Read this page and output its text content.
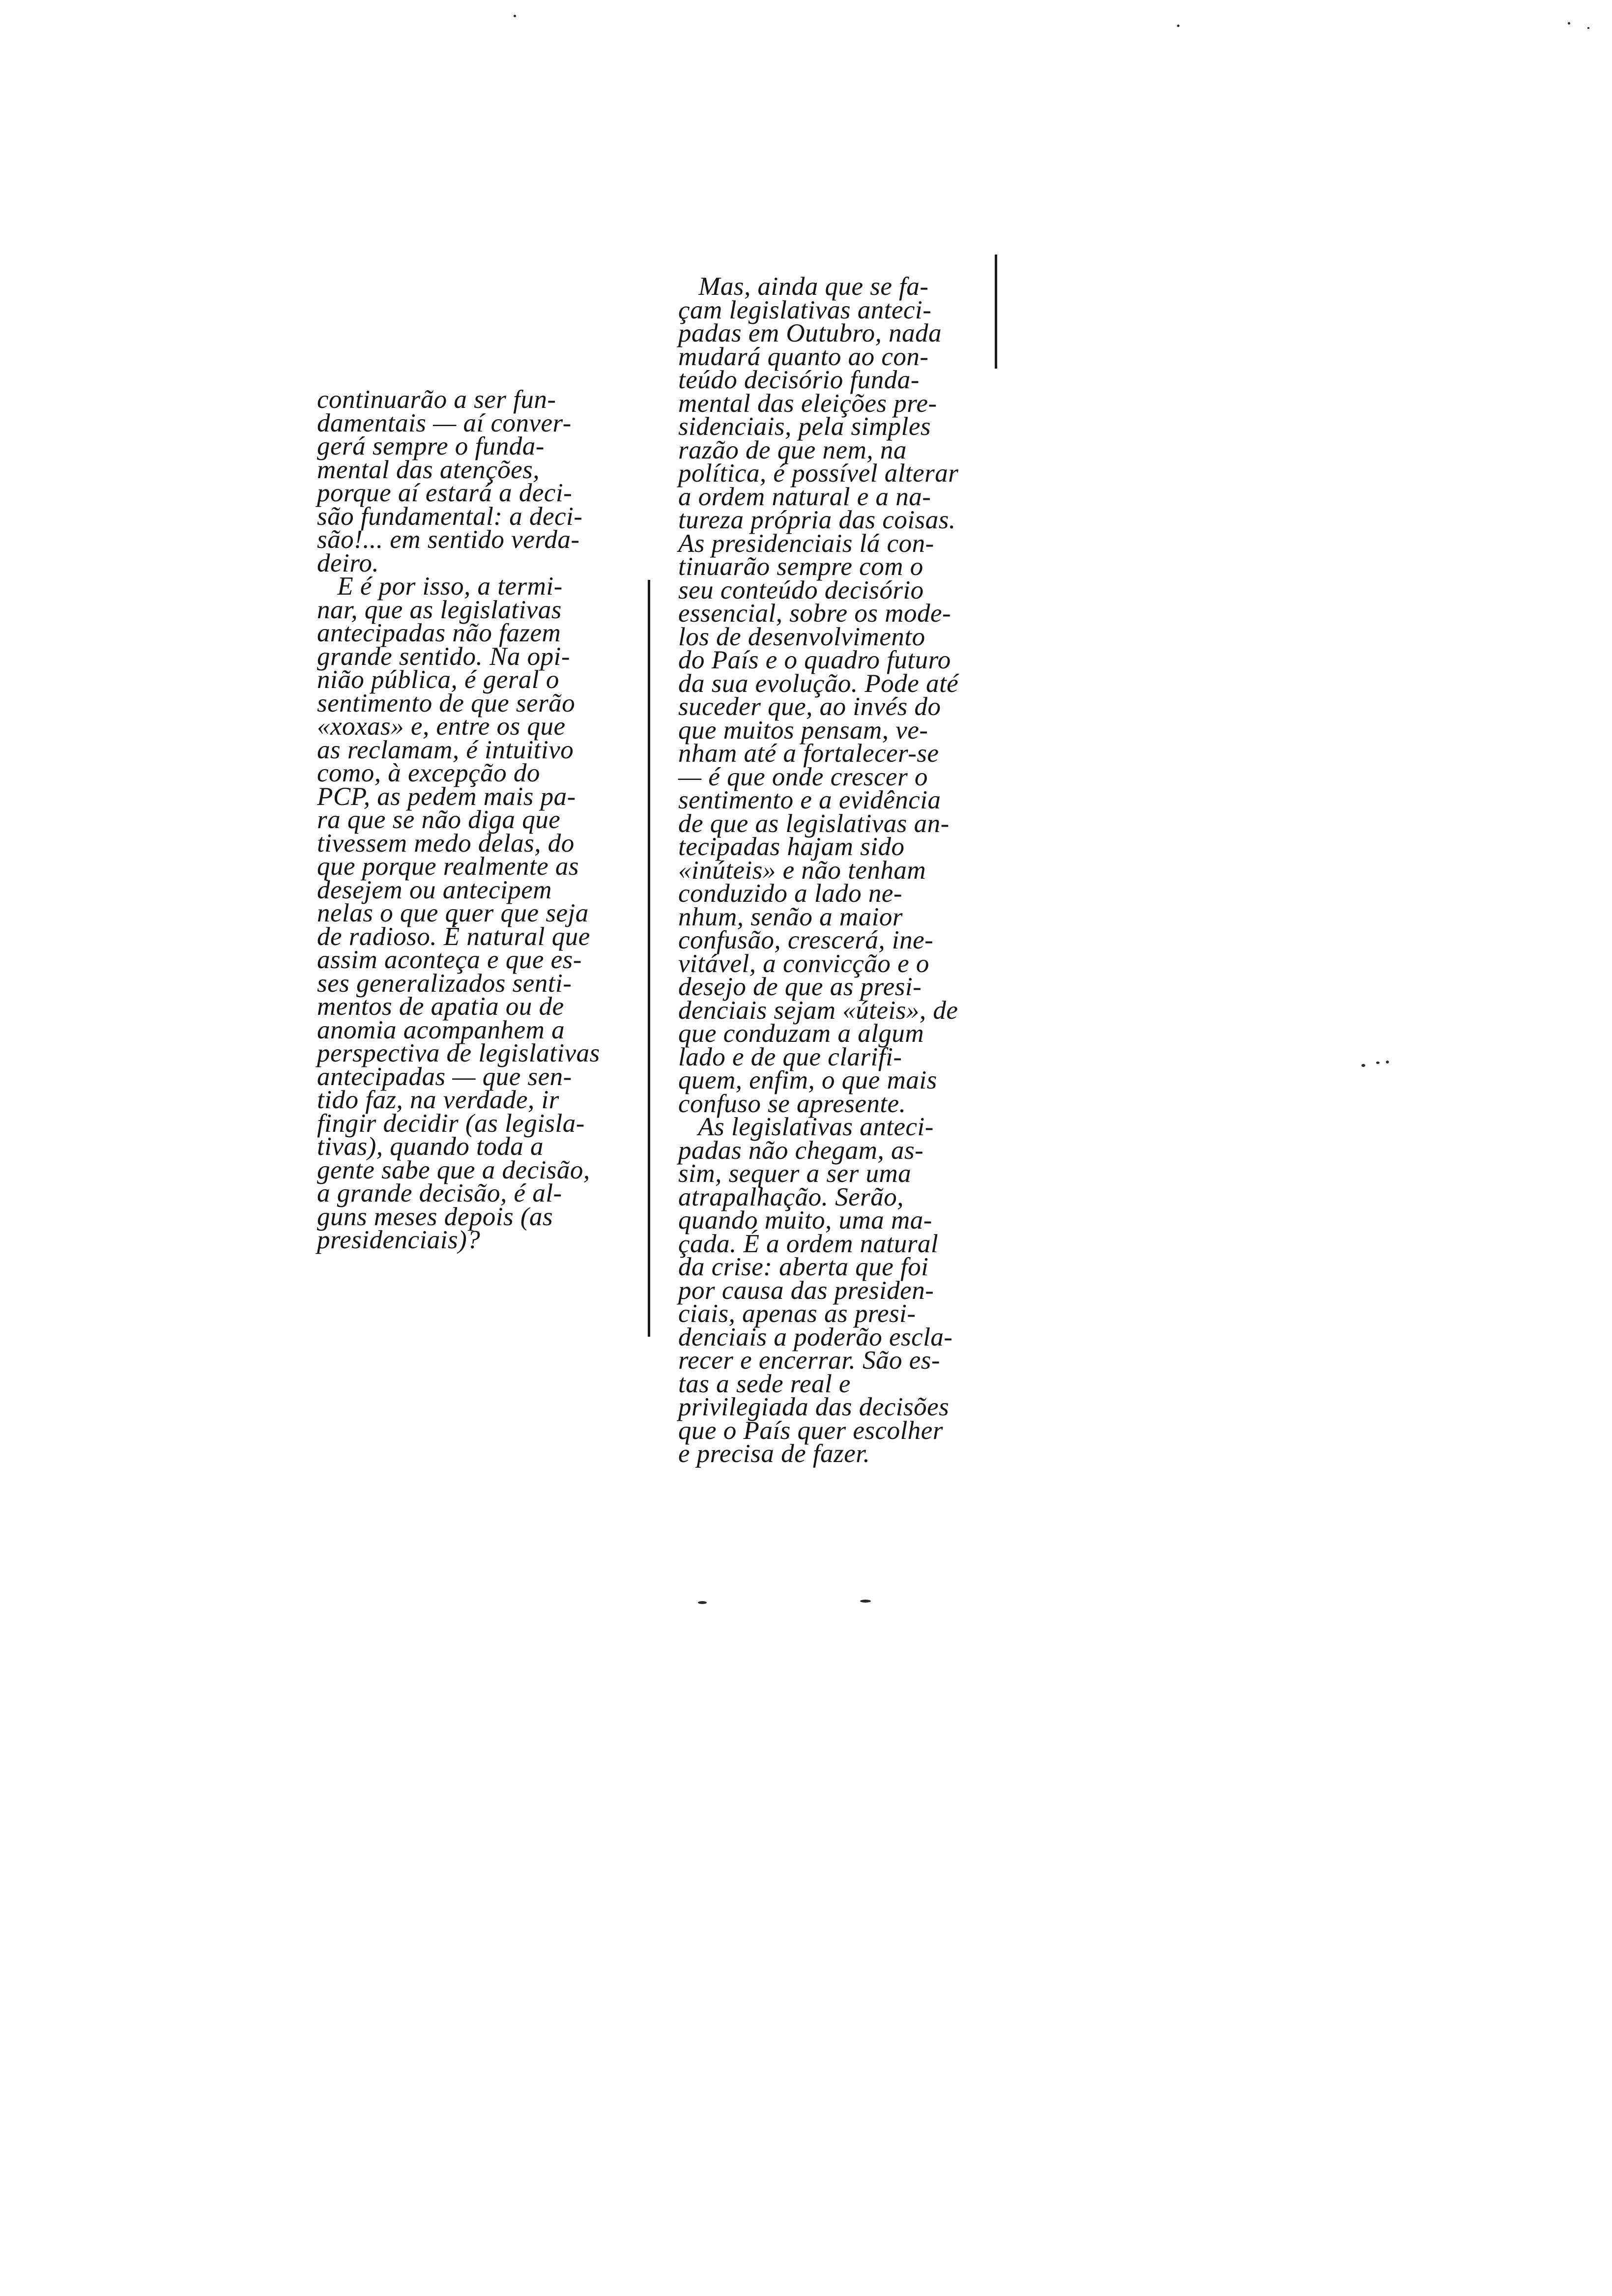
continuarão a ser fun-
damentais — aí conver-
gerá sempre o funda-
mental das atenções,
porque aí estará a deci-
são fundamental: a deci-
são!... em sentido verda-
deiro.
E é por isso, a termi-
nar, que as legislativas
antecipadas não fazem
grande sentido. Na opi-
nião pública, é geral o
sentimento de que serão
«xoxas» e, entre os que
as reclamam, é intuitivo
como, à excepção do
PCP, as pedem mais pa-
ra que se não diga que
tivessem medo delas, do
que porque realmente as
desejem ou antecipem
nelas o que quer que seja
de radioso. É natural que
assim aconteça e que es-
ses generalizados senti-
mentos de apatia ou de
anomia acompanhem a
perspectiva de legislativas
antecipadas — que sen-
tido faz, na verdade, ir
fingir decidir (as legisla-
tivas), quando toda a
gente sabe que a decisão,
a grande decisão, é al-
guns meses depois (as
presidenciais)?
Mas, ainda que se fa-
çam legislativas anteci-
padas em Outubro, nada
mudará quanto ao con-
teúdo decisório funda-
mental das eleições pre-
sidenciais, pela simples
razão de que nem, na
política, é possível alterar
a ordem natural e a na-
tureza própria das coisas.
As presidenciais lá con-
tinuarão sempre com o
seu conteúdo decisório
essencial, sobre os mode-
los de desenvolvimento
do País e o quadro futuro
da sua evolução. Pode até
suceder que, ao invés do
que muitos pensam, ve-
nham até a fortalecer-se
— é que onde crescer o
sentimento e a evidência
de que as legislativas an-
tecipadas hajam sido
«inúteis» e não tenham
conduzido a lado ne-
nhum, senão a maior
confusão, crescerá, ine-
vitável, a convicção e o
desejo de que as presi-
denciais sejam «úteis», de
que conduzam a algum
lado e de que clarifi-
quem, enfim, o que mais
confuso se apresente.
As legislativas anteci-
padas não chegam, as-
sim, sequer a ser uma
atrapalhação. Serão,
quando muito, uma ma-
çada. É a ordem natural
da crise: aberta que foi
por causa das presiden-
ciais, apenas as presi-
denciais a poderão escla-
recer e encerrar. São es-
tas a sede real e
privilegiada das decisões
que o País quer escolher
e precisa de fazer.
